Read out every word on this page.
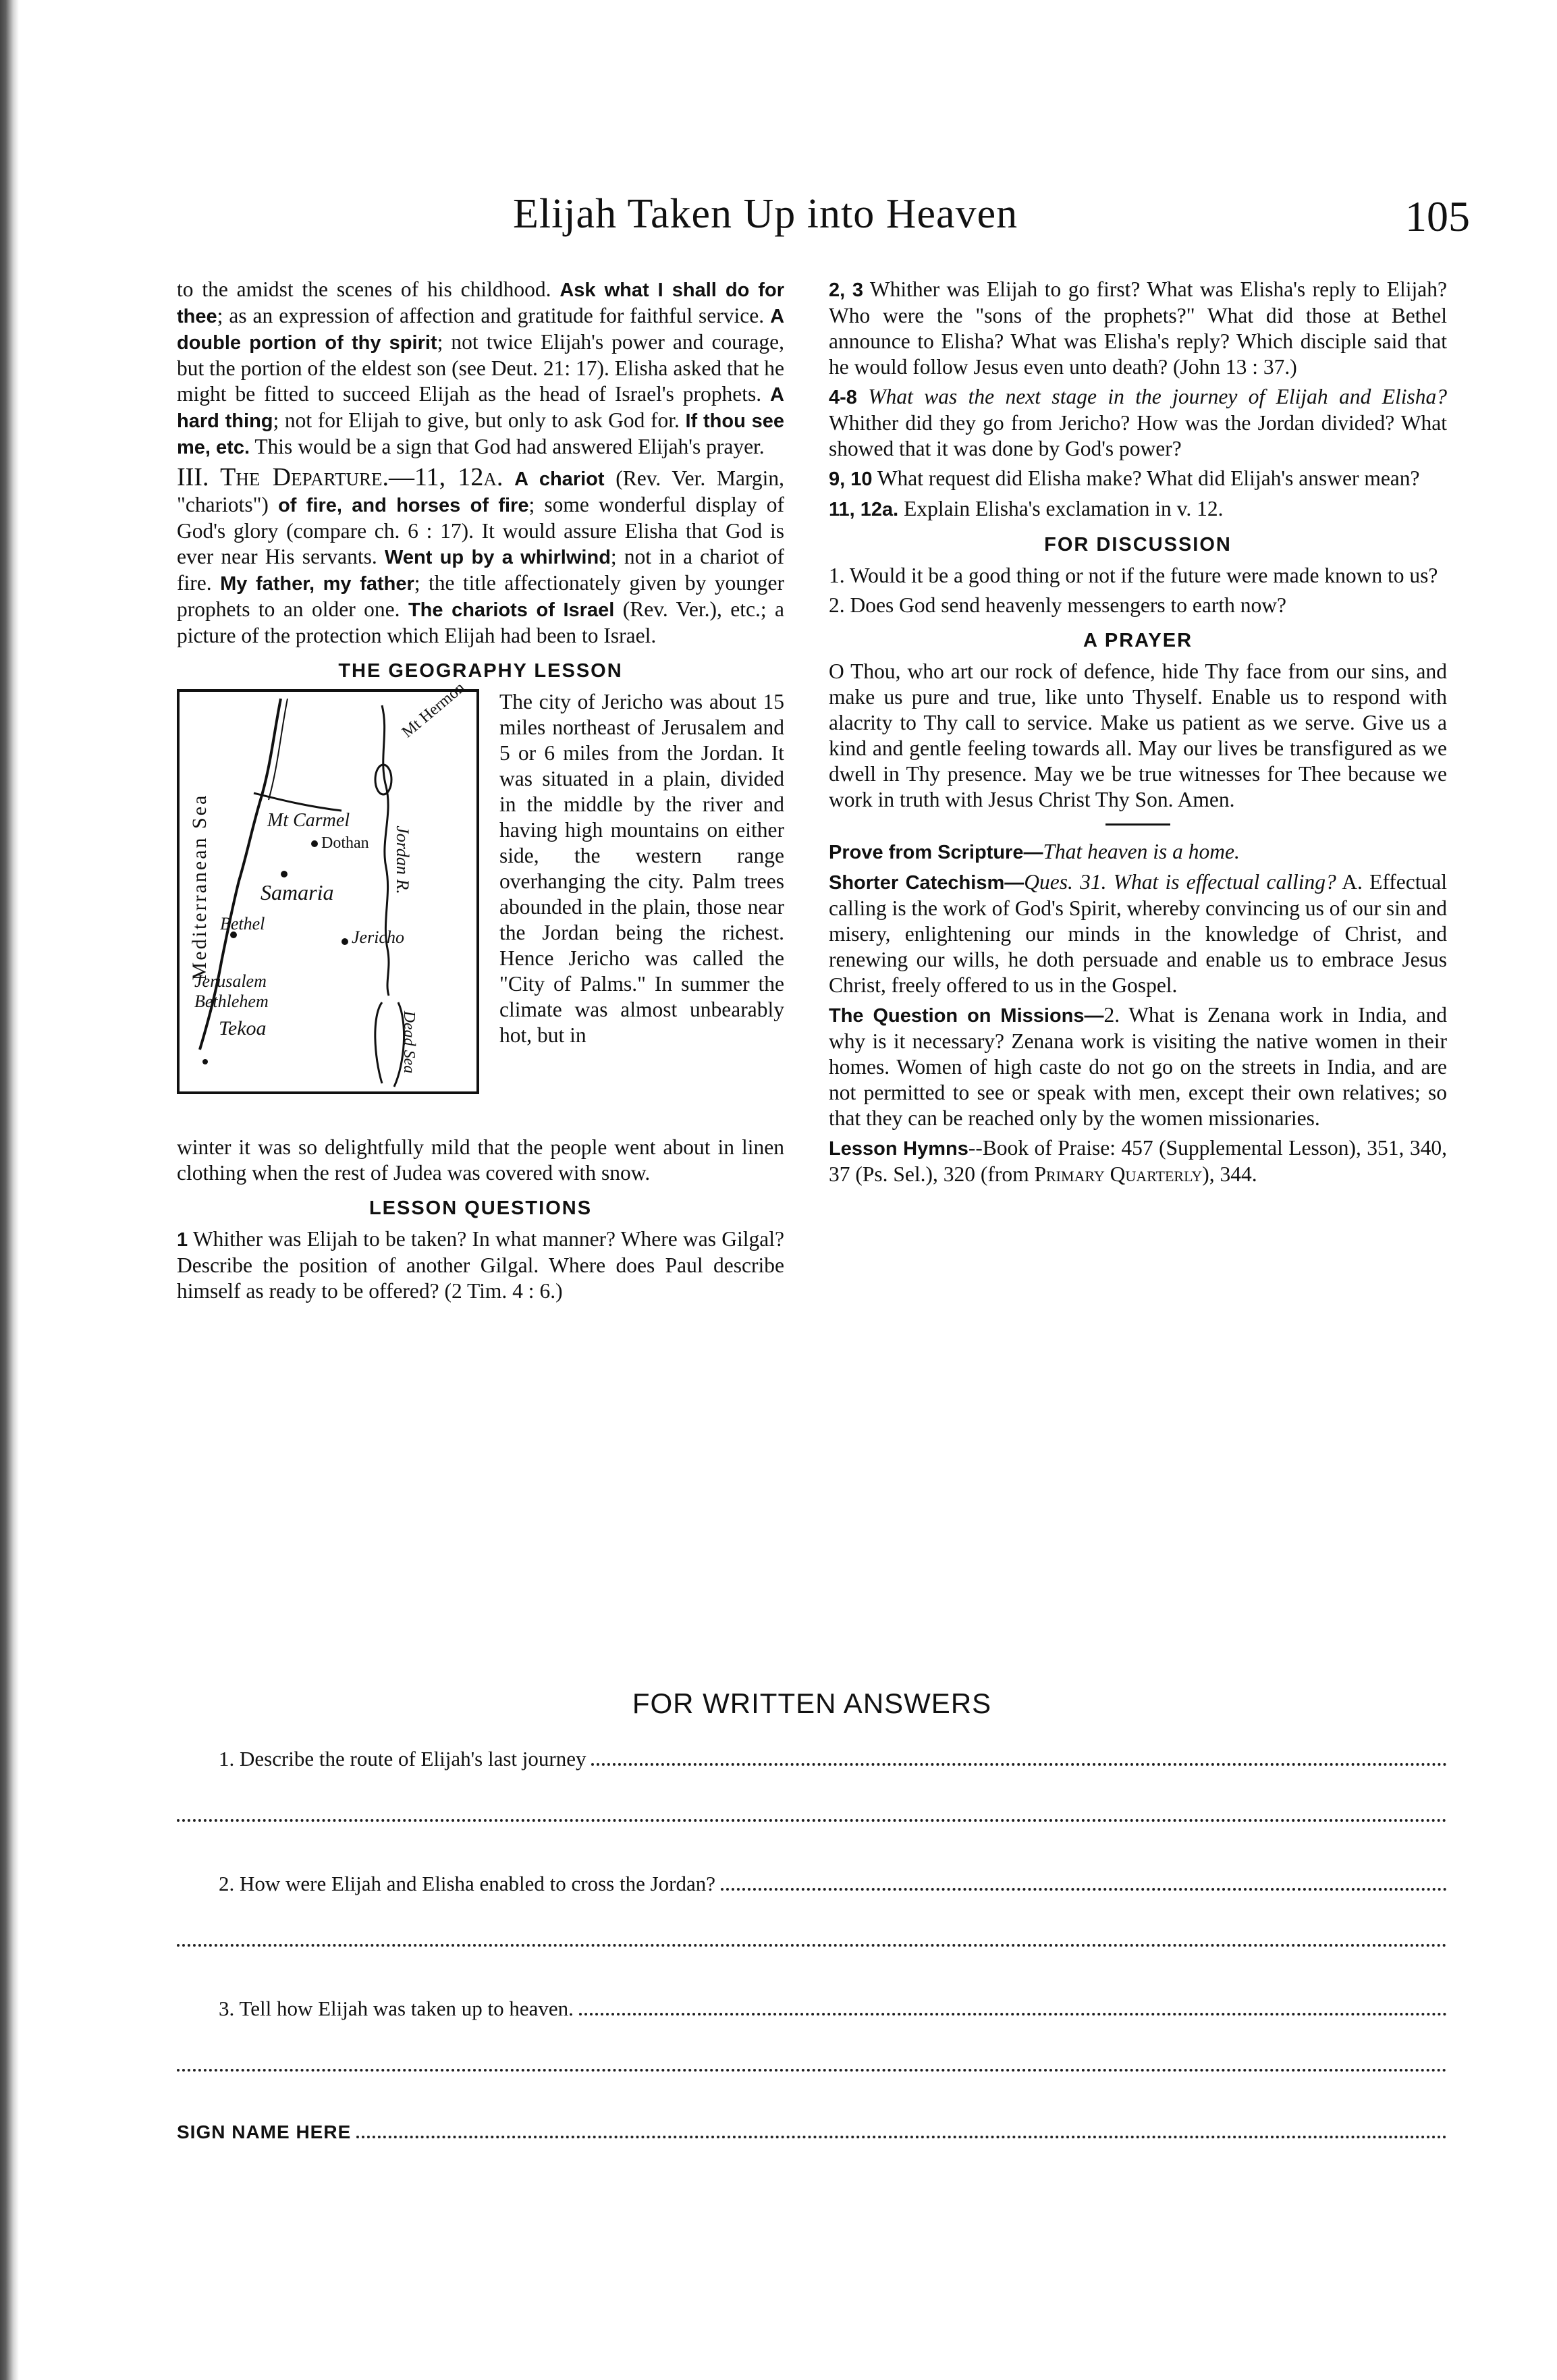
Elijah Taken Up into Heaven	105

to the amidst the scenes of his childhood. Ask what I shall do for thee; as an expression of affection and gratitude for faithful service. A double portion of thy spirit; not twice Elijah's power and courage, but the portion of the eldest son (see Deut. 21: 17). Elisha asked that he might be fitted to succeed Elijah as the head of Israel's prophets. A hard thing; not for Elijah to give, but only to ask God for. If thou see me, etc. This would be a sign that God had answered Elijah's prayer.

III. The Departure.—11, 12a. A chariot (Rev. Ver. Margin, "chariots") of fire, and horses of fire; some wonderful display of God's glory (compare ch. 6 : 17). It would assure Elisha that God is ever near His servants. Went up by a whirlwind; not in a chariot of fire. My father, my father; the title affectionately given by younger prophets to an older one. The chariots of Israel (Rev. Ver.), etc.; a picture of the protection which Elijah had been to Israel.

THE GEOGRAPHY LESSON
Mediterranean Sea
Mt Hermon
Mt Carmel
Dothan
Samaria	Jordan R.
Bethel
Jericho
Jerusalem
Bethlehem
Tekoa	Dead Sea
The city of Jericho was about 15 miles northeast of Jerusalem and 5 or 6 miles from the Jordan. It was situated in a plain, divided in the middle by the river and having high mountains on either side, the western range overhanging the city. Palm trees abounded in the plain, those near the Jordan being the richest. Hence Jericho was called the "City of Palms." In summer the climate was almost unbearably hot, but in

winter it was so delightfully mild that the people went about in linen clothing when the rest of Judea was covered with snow.

LESSON QUESTIONS

1 Whither was Elijah to be taken? In what manner? Where was Gilgal? Describe the position of another Gilgal. Where does Paul describe himself as ready to be offered? (2 Tim. 4 : 6.)

2, 3 Whither was Elijah to go first? What was Elisha's reply to Elijah? Who were the "sons of the prophets?" What did those at Bethel announce to Elisha? What was Elisha's reply? Which disciple said that he would follow Jesus even unto death? (John 13 : 37.)

4-8 What was the next stage in the journey of Elijah and Elisha? Whither did they go from Jericho? How was the Jordan divided? What showed that it was done by God's power?

9, 10 What request did Elisha make? What did Elijah's answer mean?

11, 12a. Explain Elisha's exclamation in v. 12.

FOR DISCUSSION

1. Would it be a good thing or not if the future were made known to us?

2. Does God send heavenly messengers to earth now?

A PRAYER

O Thou, who art our rock of defence, hide Thy face from our sins, and make us pure and true, like unto Thyself. Enable us to respond with alacrity to Thy call to service. Make us patient as we serve. Give us a kind and gentle feeling towards all. May our lives be transfigured as we dwell in Thy presence. May we be true witnesses for Thee because we work in truth with Jesus Christ Thy Son. Amen.

Prove from Scripture—That heaven is a home.

Shorter Catechism—Ques. 31. What is effectual calling? A. Effectual calling is the work of God's Spirit, whereby convincing us of our sin and misery, enlightening our minds in the knowledge of Christ, and renewing our wills, he doth persuade and enable us to embrace Jesus Christ, freely offered to us in the Gospel.

The Question on Missions—2. What is Zenana work in India, and why is it necessary? Zenana work is visiting the native women in their homes. Women of high caste do not go on the streets in India, and are not permitted to see or speak with men, except their own relatives; so that they can be reached only by the women missionaries.

Lesson Hymns--Book of Praise: 457 (Supplemental Lesson), 351, 340, 37 (Ps. Sel.), 320 (from Primary Quarterly), 344.

FOR WRITTEN ANSWERS
1. Describe the route of Elijah's last journey
2. How were Elijah and Elisha enabled to cross the Jordan?
3. Tell how Elijah was taken up to heaven.
SIGN NAME HERE
